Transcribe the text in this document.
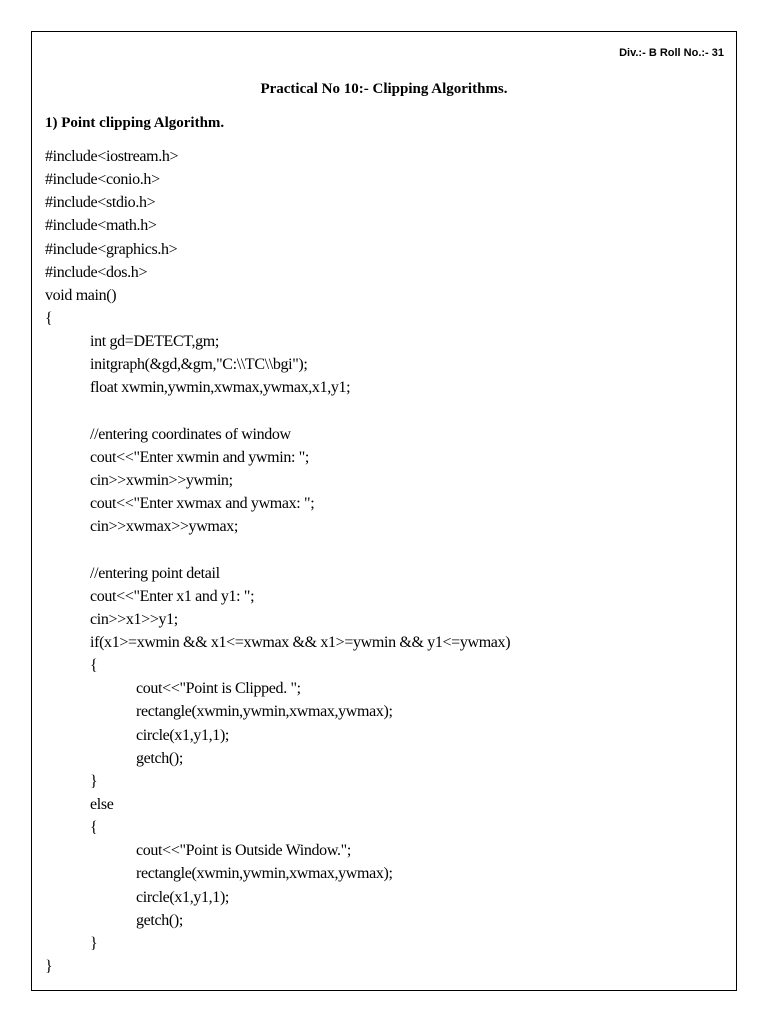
Div.:- B Roll No.:- 31
Practical No 10:- Clipping Algorithms.
1) Point clipping Algorithm.
#include<iostream.h>
#include<conio.h>
#include<stdio.h>
#include<math.h>
#include<graphics.h>
#include<dos.h>
void main()
{
int gd=DETECT,gm;
initgraph(&gd,&gm,"C:\\TC\\bgi");
float xwmin,ywmin,xwmax,ywmax,x1,y1;
//entering coordinates of window
cout<<"Enter xwmin and ywmin: ";
cin>>xwmin>>ywmin;
cout<<"Enter xwmax and ywmax: ";
cin>>xwmax>>ywmax;
//entering point detail
cout<<"Enter x1 and y1: ";
cin>>x1>>y1;
if(x1>=xwmin && x1<=xwmax && x1>=ywmin && y1<=ywmax)
{
cout<<"Point is Clipped. ";
rectangle(xwmin,ywmin,xwmax,ywmax);
circle(x1,y1,1);
getch();
}
else
{
cout<<"Point is Outside Window.";
rectangle(xwmin,ywmin,xwmax,ywmax);
circle(x1,y1,1);
getch();
}
}
